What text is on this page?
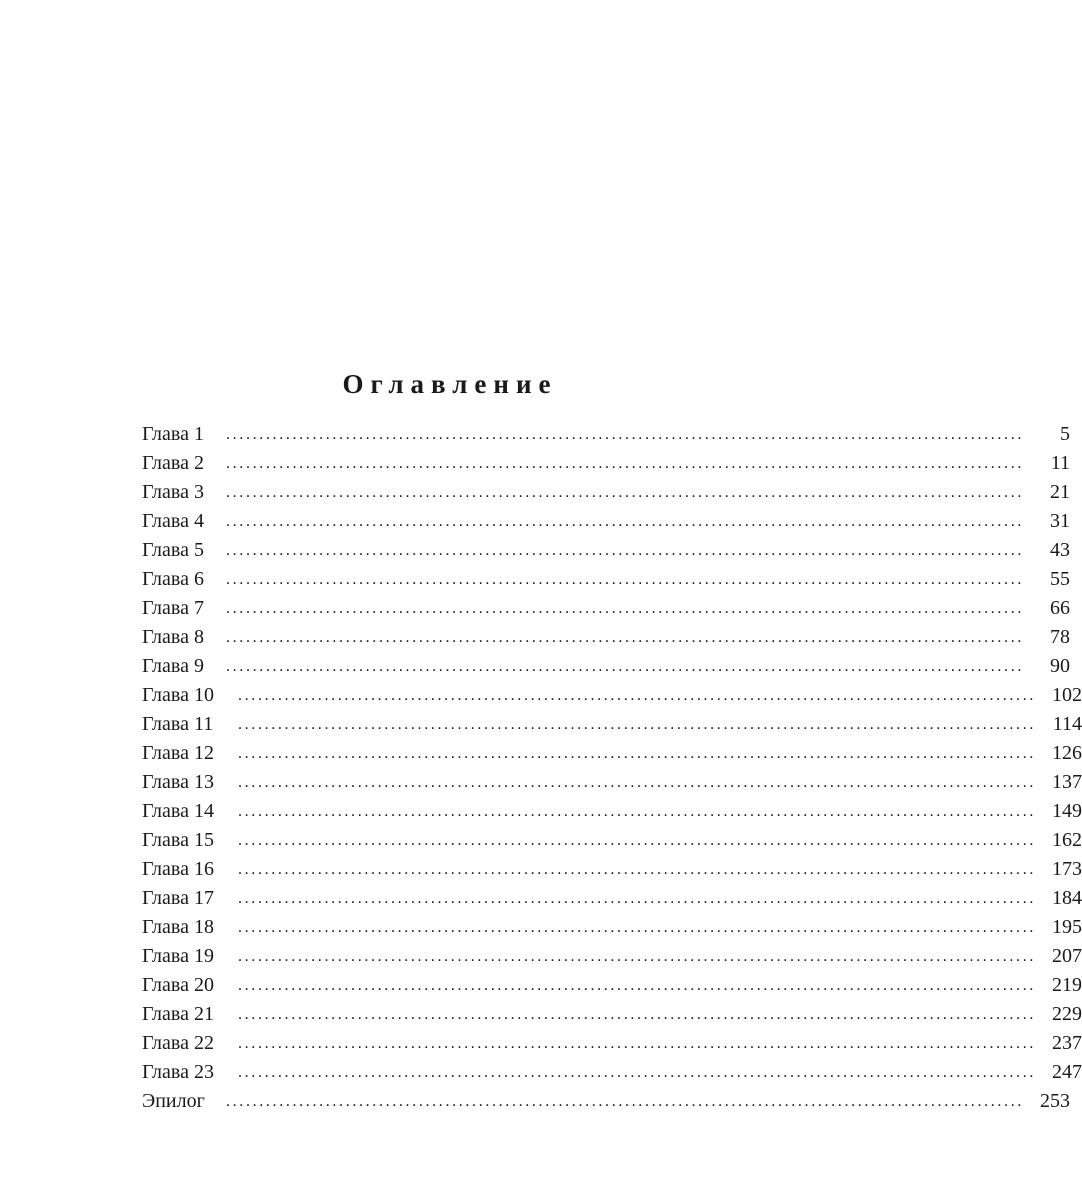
Оглавление
Глава 1	........................................................................................................................	5
Глава 2	........................................................................................................................	11
Глава 3	........................................................................................................................	21
Глава 4	........................................................................................................................	31
Глава 5	........................................................................................................................	43
Глава 6	........................................................................................................................	55
Глава 7	........................................................................................................................	66
Глава 8	........................................................................................................................	78
Глава 9	........................................................................................................................	90
Глава 10	........................................................................................................................ 102
Глава 11	........................................................................................................................ 114
Глава 12	........................................................................................................................ 126
Глава 13	........................................................................................................................ 137
Глава 14	........................................................................................................................ 149
Глава 15	........................................................................................................................ 162
Глава 16	........................................................................................................................ 173
Глава 17	........................................................................................................................ 184
Глава 18	........................................................................................................................ 195
Глава 19	........................................................................................................................ 207
Глава 20	........................................................................................................................ 219
Глава 21	........................................................................................................................ 229
Глава 22	........................................................................................................................ 237
Глава 23	........................................................................................................................ 247
Эпилог	........................................................................................................................ 253
